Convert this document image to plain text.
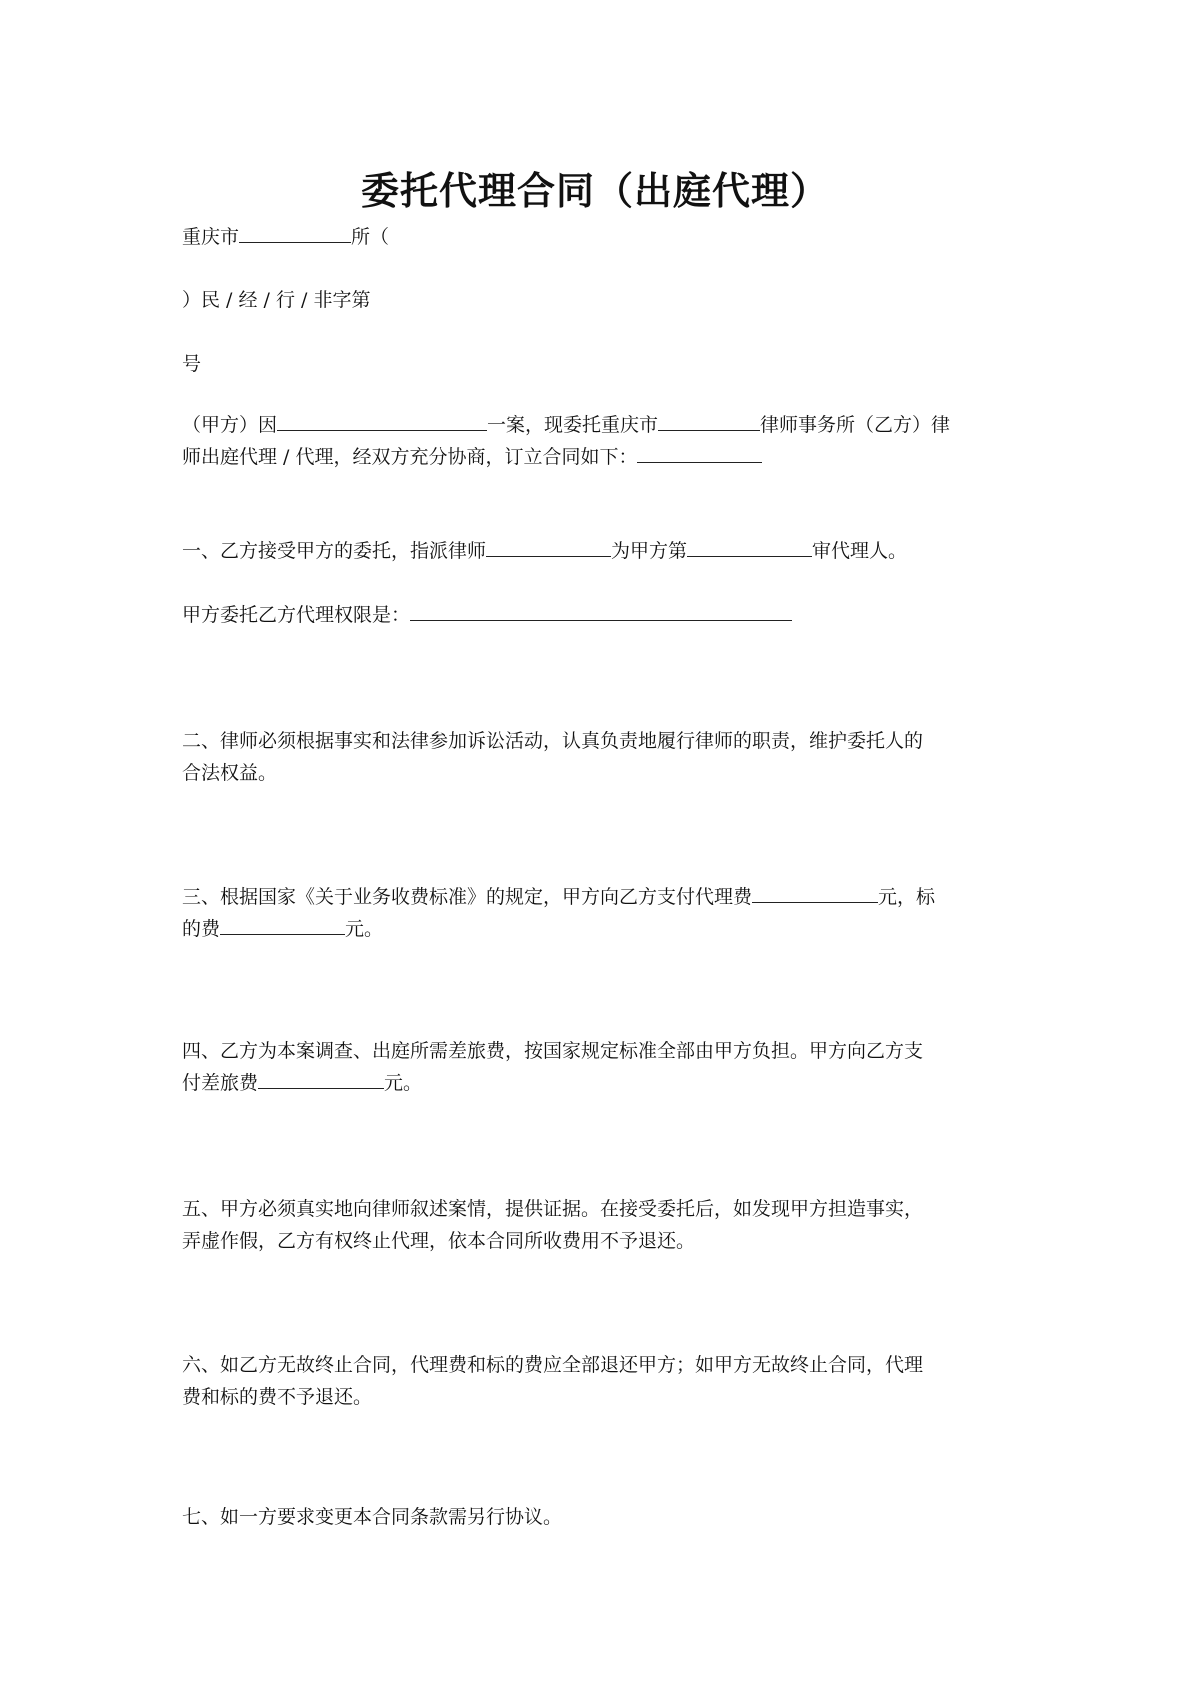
委托代理合同（出庭代理）
重庆市	所（
）民 / 经 / 行 / 非字第
号
（甲方）因	一案，现委托重庆市	律师事务所（乙方）律
师出庭代理 / 代理，经双方充分协商，订立合同如下：
一、乙方接受甲方的委托，指派律师	为甲方第	审代理人。
甲方委托乙方代理权限是：
二、律师必须根据事实和法律参加诉讼活动，认真负责地履行律师的职责，维护委托人的
合法权益。
三、根据国家《关于业务收费标准》的规定，甲方向乙方支付代理费	元，标
的费	元。
四、乙方为本案调查、出庭所需差旅费，按国家规定标准全部由甲方负担。甲方向乙方支
付差旅费	元。
五、甲方必须真实地向律师叙述案情，提供证据。在接受委托后，如发现甲方担造事实，
弄虚作假，乙方有权终止代理，依本合同所收费用不予退还。
六、如乙方无故终止合同，代理费和标的费应全部退还甲方；如甲方无故终止合同，代理
费和标的费不予退还。
七、如一方要求变更本合同条款需另行协议。
